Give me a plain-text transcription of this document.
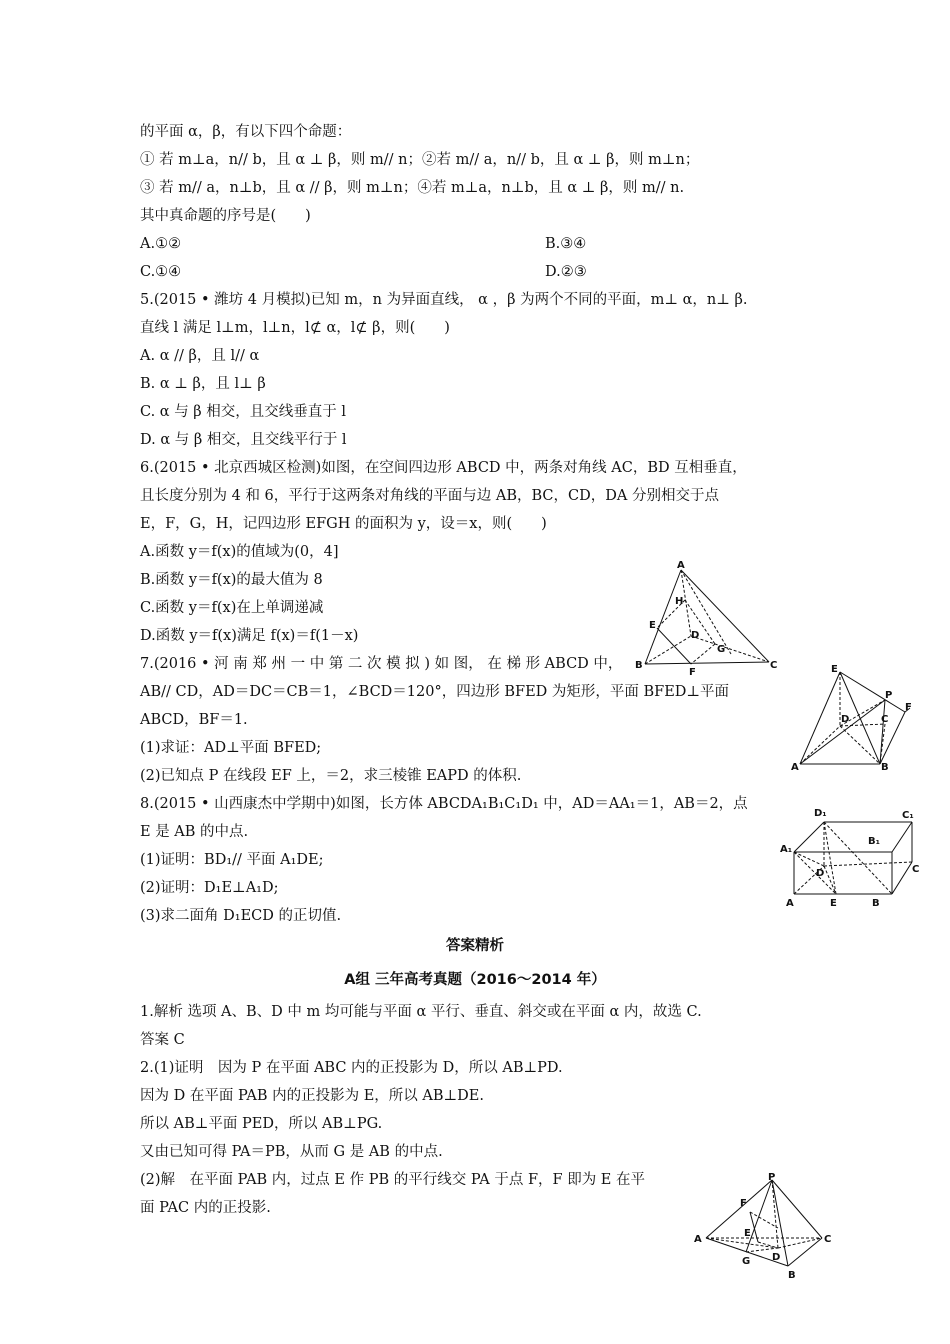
的平面 α，β，有以下四个命题：
① 若 m⊥a，n// b，且 α ⊥ β，则 m// n；②若 m// a，n// b，且 α ⊥ β，则 m⊥n；
③ 若 m// a，n⊥b，且 α // β，则 m⊥n；④若 m⊥a，n⊥b，且 α ⊥ β，则 m// n.
其中真命题的序号是(　　)
A.①②	B.③④
C.①④	D.②③
5.(2015 • 潍坊 4 月模拟)已知 m，n 为异面直线， α ，β 为两个不同的平面，m⊥ α，n⊥ β.
直线 l 满足 l⊥m，l⊥n，l⊄ α，l⊄ β，则(　　)
A. α // β，且 l// α
B. α ⊥ β，且 l⊥ β
C. α 与 β 相交，且交线垂直于 l
D. α 与 β 相交，且交线平行于 l
6.(2015 • 北京西城区检测)如图，在空间四边形 ABCD 中，两条对角线 AC，BD 互相垂直，
且长度分别为 4 和 6，平行于这两条对角线的平面与边 AB，BC，CD，DA 分别相交于点
E，F，G，H，记四边形 EFGH 的面积为 y，设＝x，则(　　)
A.函数 y＝f(x)的值域为(0，4]
B.函数 y＝f(x)的最大值为 8
C.函数 y＝f(x)在上单调递减
D.函数 y＝f(x)满足 f(x)＝f(1－x)
7.(2016 • 河 南 郑 州 一 中 第 二 次 模 拟 ) 如 图， 在 梯 形 ABCD 中，
AB// CD，AD＝DC＝CB＝1，∠BCD＝120°，四边形 BFED 为矩形，平面 BFED⊥平面
ABCD，BF＝1.
(1)求证：AD⊥平面 BFED;
(2)已知点 P 在线段 EF 上，＝2，求三棱锥 EAPD 的体积.
8.(2015 • 山西康杰中学期中)如图，长方体 ABCDA₁B₁C₁D₁ 中，AD＝AA₁＝1，AB＝2，点
E 是 AB 的中点.
(1)证明：BD₁// 平面 A₁DE;
(2)证明：D₁E⊥A₁D;
(3)求二面角 D₁ECD 的正切值.
答案精析
A组 三年高考真题（2016～2014 年）
1.解析 选项 A、B、D 中 m 均可能与平面 α 平行、垂直、斜交或在平面 α 内，故选 C.
答案 C
2.(1)证明　因为 P 在平面 ABC 内的正投影为 D，所以 AB⊥PD.
因为 D 在平面 PAB 内的正投影为 E，所以 AB⊥DE.
所以 AB⊥平面 PED，所以 AB⊥PG.
又由已知可得 PA＝PB，从而 G 是 AB 的中点.
(2)解　在平面 PAB 内，过点 E 作 PB 的平行线交 PA 于点 F，F 即为 E 在平
面 PAC 内的正投影.
A
H
E
D
G
B
F
C	E
P
F
D	C
A	B
D₁	C₁
B₁
A₁
D	C
A	E	B
P
F
E
A
D
C
G
B
